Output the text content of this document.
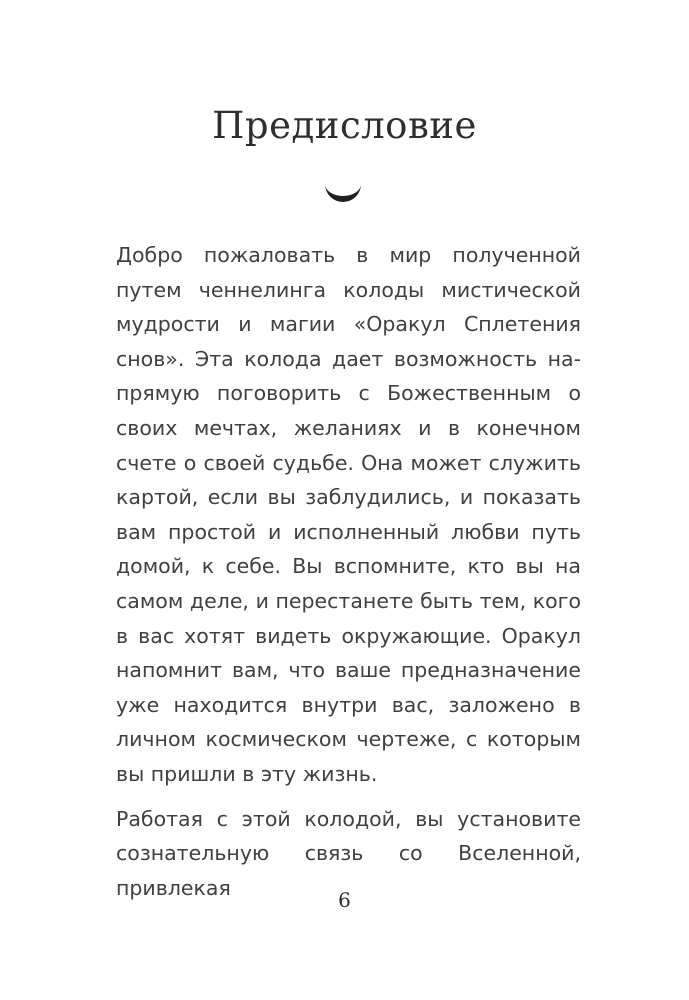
Предисловие

Добро пожаловать в мир полученной путем ченнелинга колоды мистической мудрости и магии «Оракул Сплетения снов». Эта колода дает возможность напрямую поговорить с Божественным о своих мечтах, желаниях и в конечном счете о своей судьбе. Она может служить картой, если вы заблудились, и показать вам простой и исполненный любви путь домой, к себе. Вы вспомните, кто вы на самом деле, и перестанете быть тем, кого в вас хотят видеть окружающие. Оракул напомнит вам, что ваше предназначение уже находится внутри вас, заложено в личном космическом чертеже, с которым вы пришли в эту жизнь.

Работая с этой колодой, вы установите сознательную связь со Вселенной, привлекая

6
